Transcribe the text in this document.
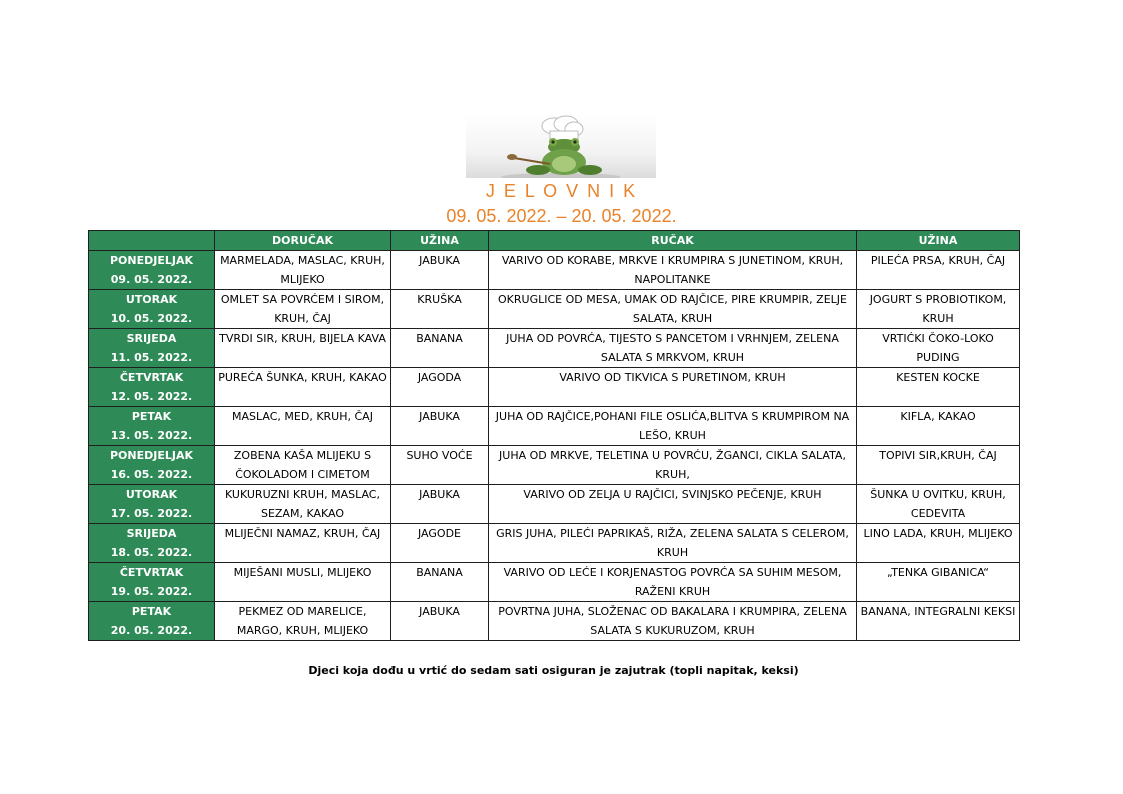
J E L O V N I K
09. 05. 2022. – 20. 05. 2022.
	DORUČAK	UŽINA	RUČAK	UŽINA

PONEDJELJAK
09. 05. 2022.	MARMELADA, MASLAC, KRUH, MLIJEKO	JABUKA	VARIVO OD KORABE, MRKVE I KRUMPIRA S JUNETINOM, KRUH, NAPOLITANKE	PILEĆA PRSA, KRUH, ČAJ

UTORAK
10. 05. 2022.	OMLET SA POVRĆEM I SIROM, KRUH, ČAJ	KRUŠKA	OKRUGLICE OD MESA, UMAK OD RAJČICE, PIRE KRUMPIR, ZELJE SALATA, KRUH	JOGURT S PROBIOTIKOM, KRUH

SRIJEDA
11. 05. 2022.	TVRDI SIR, KRUH, BIJELA KAVA	BANANA	JUHA OD POVRĆA, TIJESTO S PANCETOM I VRHNJEM, ZELENA SALATA S MRKVOM, KRUH	VRTIĆKI ČOKO-LOKO PUDING

ČETVRTAK
12. 05. 2022.	PUREĆA ŠUNKA, KRUH, KAKAO	JAGODA	VARIVO OD TIKVICA S PURETINOM, KRUH	KESTEN KOCKE

PETAK
13. 05. 2022.	MASLAC, MED, KRUH, ČAJ	JABUKA	JUHA OD RAJČICE,POHANI FILE OSLIĆA,BLITVA S KRUMPIROM NA LEŠO, KRUH	KIFLA, KAKAO

PONEDJELJAK
16. 05. 2022.	ZOBENA KAŠA MLIJEKU S ČOKOLADOM I CIMETOM	SUHO VOĆE	JUHA OD MRKVE, TELETINA U POVRĆU, ŽGANCI, CIKLA SALATA, KRUH,	TOPIVI SIR,KRUH, ČAJ

UTORAK
17. 05. 2022.	KUKURUZNI KRUH, MASLAC, SEZAM, KAKAO	JABUKA	VARIVO OD ZELJA U RAJČICI, SVINJSKO PEČENJE, KRUH	ŠUNKA U OVITKU, KRUH, CEDEVITA

SRIJEDA
18. 05. 2022.	MLIJEČNI NAMAZ, KRUH, ČAJ	JAGODE	GRIS JUHA, PILEĆI PAPRIKAŠ, RIŽA, ZELENA SALATA S CELEROM, KRUH	LINO LADA, KRUH, MLIJEKO

ČETVRTAK
19. 05. 2022.	MIJEŠANI MUSLI, MLIJEKO	BANANA	VARIVO OD LEĆE I KORJENASTOG POVRĆA SA SUHIM MESOM, RAŽENI KRUH	„TENKA GIBANICA“

PETAK
20. 05. 2022.	PEKMEZ OD MARELICE, MARGO, KRUH, MLIJEKO	JABUKA	POVRTNA JUHA, SLOŽENAC OD BAKALARA I KRUMPIRA, ZELENA SALATA S KUKURUZOM, KRUH	BANANA, INTEGRALNI KEKSI
Djeci koja dođu u vrtić do sedam sati osiguran je zajutrak (topli napitak, keksi)
